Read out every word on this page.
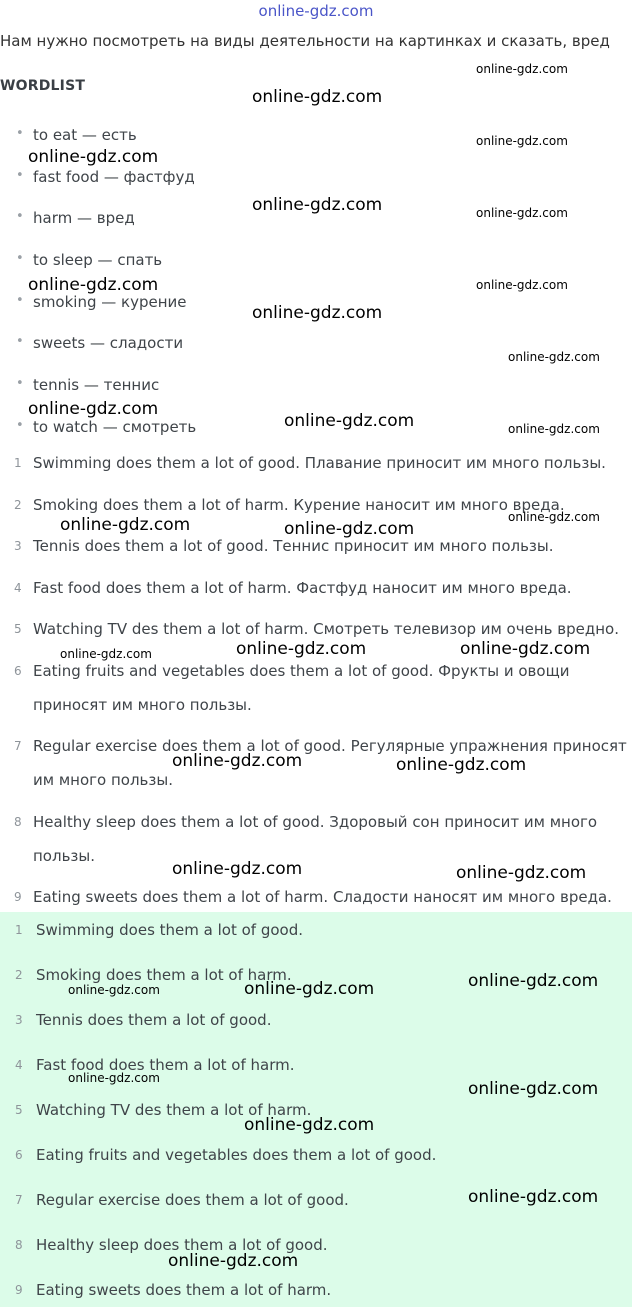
online-gdz.com
Нам нужно посмотреть на виды деятельности на картинках и сказать, вред
WORDLIST
• to eat — есть
• fast food — фастфуд
• harm — вред
• to sleep — спать
• smoking — курение
• sweets — сладости
• tennis — теннис
• to watch — смотреть
1 Swimming does them a lot of good. Плавание приносит им много пользы.
2 Smoking does them a lot of harm. Курение наносит им много вреда.
3 Tennis does them a lot of good. Теннис приносит им много пользы.
4 Fast food does them a lot of harm. Фастфуд наносит им много вреда.
5 Watching TV des them a lot of harm. Смотреть телевизор им очень вредно.
6 Eating fruits and vegetables does them a lot of good. Фрукты и овощи
приносят им много пользы.
7 Regular exercise does them a lot of good. Регулярные упражнения приносят
им много пользы.
8 Healthy sleep does them a lot of good. Здоровый сон приносит им много
пользы.
9 Eating sweets does them a lot of harm. Сладости наносят им много вреда.
1 Swimming does them a lot of good.
2 Smoking does them a lot of harm.
3 Tennis does them a lot of good.
4 Fast food does them a lot of harm.
5 Watching TV des them a lot of harm.
6 Eating fruits and vegetables does them a lot of good.
7 Regular exercise does them a lot of good.
8 Healthy sleep does them a lot of good.
9 Eating sweets does them a lot of harm.
online-gdz.com
online-gdz.com
online-gdz.com
online-gdz.com
online-gdz.com	online-gdz.com
online-gdz.com	online-gdz.com
online-gdz.com
online-gdz.com
online-gdz.com
online-gdz.com	online-gdz.com
online-gdz.com	online-gdz.com
online-gdz.com
online-gdz.com	online-gdz.com	online-gdz.com
online-gdz.com	online-gdz.com
online-gdz.com	online-gdz.com
online-gdz.com	online-gdz.com	online-gdz.com
online-gdz.com
online-gdz.com
online-gdz.com
online-gdz.com
online-gdz.com
